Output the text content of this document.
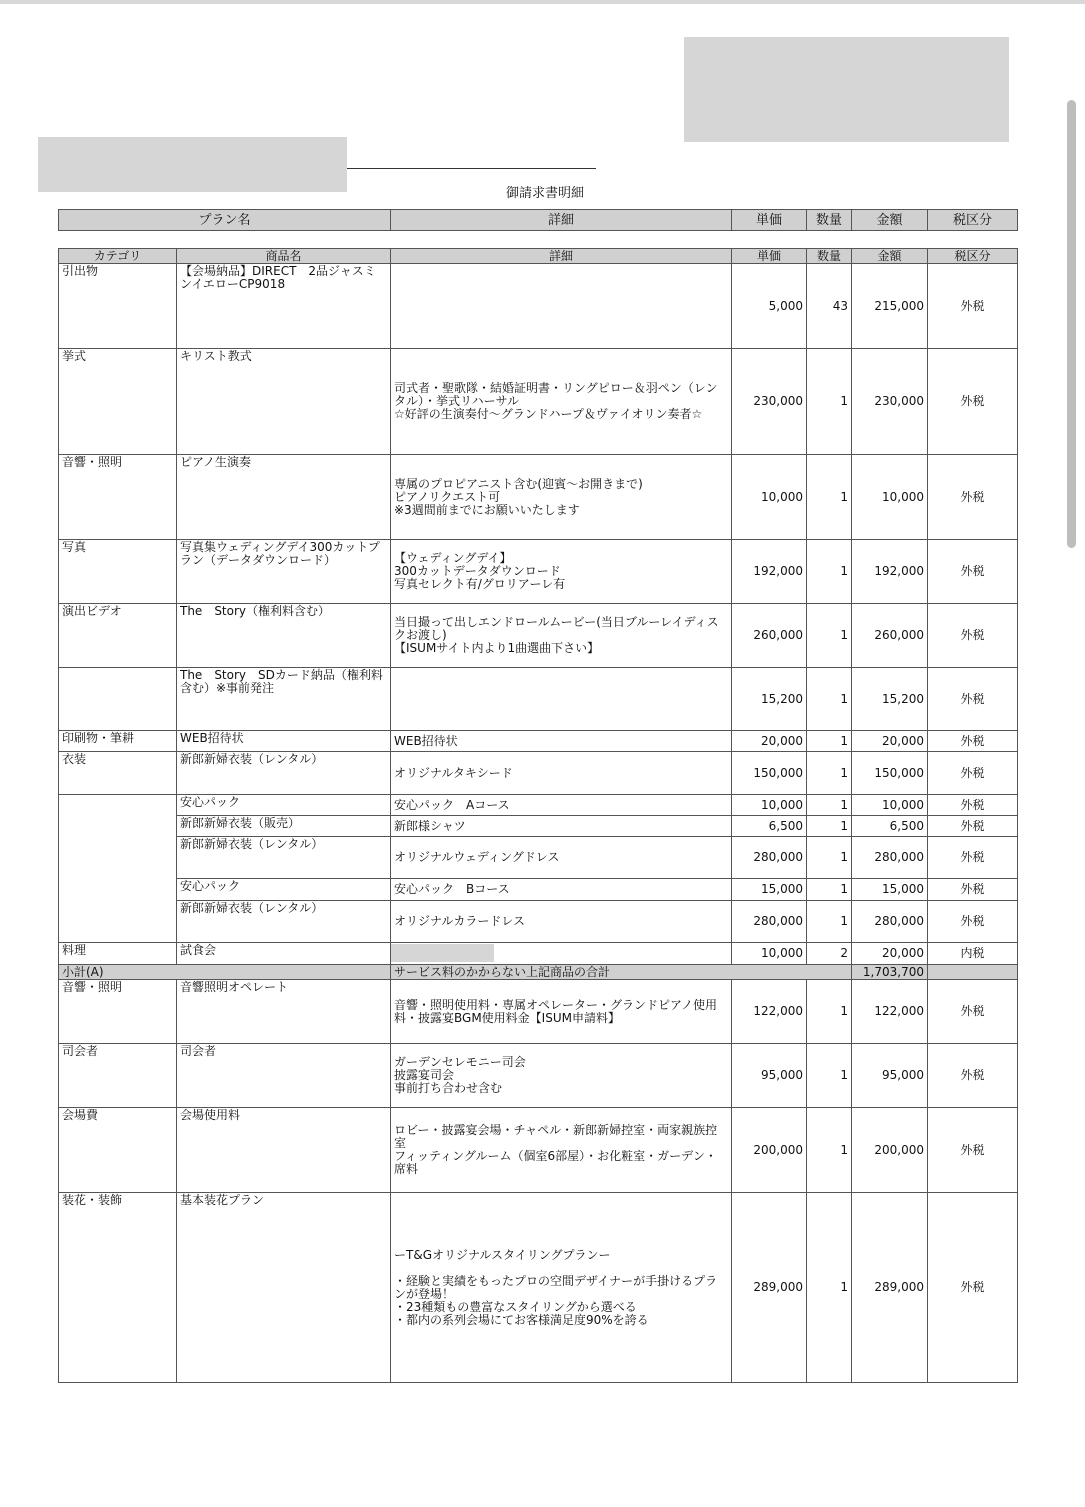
御請求書明細
プラン名	詳細	単価	数量	金額	税区分
カテゴリ	商品名	詳細	単価	数量	金額	税区分
引出物	【会場納品】DIRECT　2品ジャスミンイエローCP9018		5,000	43	215,000	外税
挙式	キリスト教式	司式者・聖歌隊・結婚証明書・リングピロー＆羽ペン（レンタル）・挙式リハーサル
☆好評の生演奏付～グランドハープ＆ヴァイオリン奏者☆	230,000	1	230,000	外税
音響・照明	ピアノ生演奏	専属のプロピアニスト含む(迎賓～お開きまで)
ピアノリクエスト可
※3週間前までにお願いいたします	10,000	1	10,000	外税
写真	写真集ウェディングデイ300カットプラン（データダウンロード）	【ウェディングデイ】
300カットデータダウンロード
写真セレクト有/グロリアーレ有	192,000	1	192,000	外税
演出ビデオ	The　Story（権利料含む）	当日撮って出しエンドロールムービー(当日ブルーレイディスクお渡し)
【ISUMサイト内より1曲選曲下さい】	260,000	1	260,000	外税
	The　Story　SDカード納品（権利料含む）※事前発注		15,200	1	15,200	外税
印刷物・筆耕	WEB招待状	WEB招待状	20,000	1	20,000	外税
衣装	新郎新婦衣装（レンタル）	オリジナルタキシード	150,000	1	150,000	外税
	安心パック	安心パック　Aコース	10,000	1	10,000	外税
	新郎新婦衣装（販売）	新郎様シャツ	6,500	1	6,500	外税
	新郎新婦衣装（レンタル）	オリジナルウェディングドレス	280,000	1	280,000	外税
	安心パック	安心パック　Bコース	15,000	1	15,000	外税
	新郎新婦衣装（レンタル）	オリジナルカラードレス	280,000	1	280,000	外税
料理	試食会		10,000	2	20,000	内税
小計(A)		サービス料のかからない上記商品の合計			1,703,700	
音響・照明	音響照明オペレート	音響・照明使用料・専属オペレーター・グランドピアノ使用料・披露宴BGM使用料金【ISUM申請料】	122,000	1	122,000	外税
司会者	司会者	ガーデンセレモニー司会
披露宴司会
事前打ち合わせ含む	95,000	1	95,000	外税
会場費	会場使用料	ロビー・披露宴会場・チャペル・新郎新婦控室・両家親族控室
フィッティングルーム（個室6部屋）・お化粧室・ガーデン・席料	200,000	1	200,000	外税
装花・装飾	基本装花プラン	ーT&Gオリジナルスタイリングプランー

・経験と実績をもったプロの空間デザイナーが手掛けるプランが登場！
・23種類もの豊富なスタイリングから選べる
・都内の系列会場にてお客様満足度90%を誇る	289,000	1	289,000	外税
